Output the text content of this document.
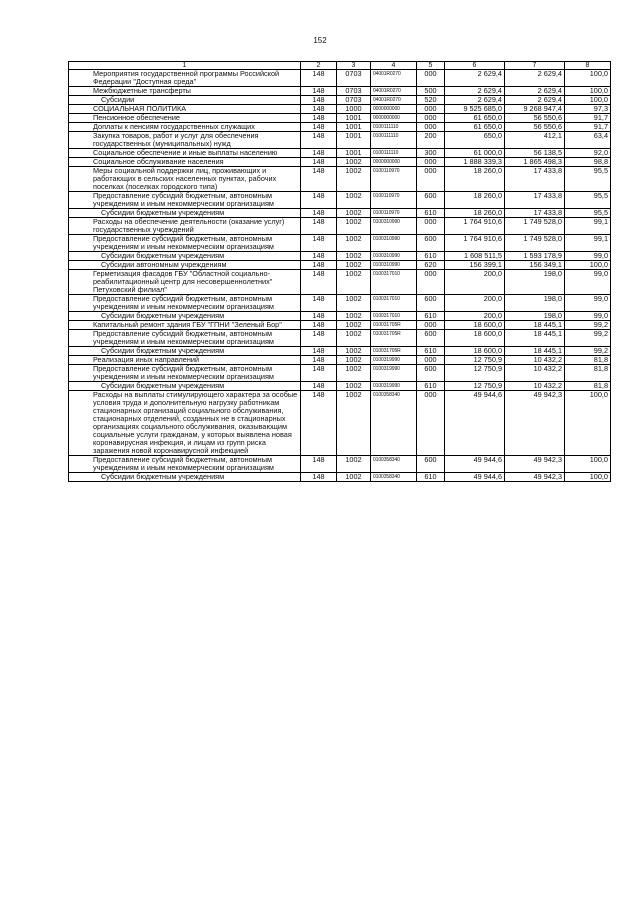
152
1	2	3	4	5	6	7	8

Мероприятия государственной программы Российской Федерации "Доступная среда"	148	0703	04001R0270	000	2 629,4	2 629,4	100,0

Межбюджетные трансферты	148	0703	04001R0270	500	2 629,4	2 629,4	100,0

Субсидии	148	0703	04001R0270	520	2 629,4	2 629,4	100,0

СОЦИАЛЬНАЯ ПОЛИТИКА	148	1000	0000000000	000	9 525 685,0	9 268 947,4	97,3

Пенсионное обеспечение	148	1001	0000000000	000	61 650,0	56 550,6	91,7

Доплаты к пенсиям государственных служащих	148	1001	0100111110	000	61 650,0	56 550,6	91,7

Закупка товаров, работ и услуг для обеспечения государственных (муниципальных) нужд	148	1001	0100111110	200	650,0	412,1	63,4

Социальное обеспечение и иные выплаты населению	148	1001	0100111110	300	61 000,0	56 138,5	92,0

Социальное обслуживание населения	148	1002	0000000000	000	1 888 339,3	1 865 498,3	98,8

Меры социальной поддержки лиц, проживающих и работающих в сельских населенных пунктах, рабочих поселках (поселках городского типа)	148	1002	0100110970	000	18 260,0	17 433,8	95,5

Предоставление субсидий бюджетным, автономным учреждениям и иным некоммерческим организациям	148	1002	0100110970	600	18 260,0	17 433,8	95,5

Субсидии бюджетным учреждениям	148	1002	0100110970	610	18 260,0	17 433,8	95,5

Расходы на обеспечение деятельности (оказание услуг) государственных учреждений	148	1002	0100310990	000	1 764 910,6	1 749 528,0	99,1

Предоставление субсидий бюджетным, автономным учреждениям и иным некоммерческим организациям	148	1002	0100310990	600	1 764 910,6	1 749 528,0	99,1

Субсидии бюджетным учреждениям	148	1002	0100310990	610	1 608 511,5	1 593 178,9	99,0

Субсидии автономным учреждениям	148	1002	0100310990	620	156 399,1	156 349,1	100,0

Герметизация фасадов ГБУ "Областной социально-реабилитационный центр для несовершеннолетних" Петуховский филиал"	148	1002	0100317010	000	200,0	198,0	99,0

Предоставление субсидий бюджетным, автономным учреждениям и иным некоммерческим организациям	148	1002	0100317010	600	200,0	198,0	99,0

Субсидии бюджетным учреждениям	148	1002	0100317010	610	200,0	198,0	99,0

Капитальный ремонт здания ГБУ "ГПНИ "Зеленый Бор"	148	1002	010031705R	000	18 600,0	18 445,1	99,2

Предоставление субсидий бюджетным, автономным учреждениям и иным некоммерческим организациям	148	1002	010031705R	600	18 600,0	18 445,1	99,2

Субсидии бюджетным учреждениям	148	1002	010031705R	610	18 600,0	18 445,1	99,2

Реализация иных направлений	148	1002	0100319990	000	12 750,9	10 432,2	81,8

Предоставление субсидий бюджетным, автономным учреждениям и иным некоммерческим организациям	148	1002	0100319990	600	12 750,9	10 432,2	81,8

Субсидии бюджетным учреждениям	148	1002	0100319990	610	12 750,9	10 432,2	81,8

Расходы на выплаты стимулирующего характера за особые условия труда и дополнительную нагрузку работникам стационарных организаций социального обслуживания, стационарных отделений, созданных не в стационарных организациях социального обслуживания, оказывающим социальные услуги гражданам, у которых выявлена новая коронавирусная инфекция, и лицам из групп риска заражения новой коронавирусной инфекцией	148	1002	0100358340	000	49 944,6	49 942,3	100,0

Предоставление субсидий бюджетным, автономным учреждениям и иным некоммерческим организациям	148	1002	0100358340	600	49 944,6	49 942,3	100,0

Субсидии бюджетным учреждениям	148	1002	0100358340	610	49 944,6	49 942,3	100,0
